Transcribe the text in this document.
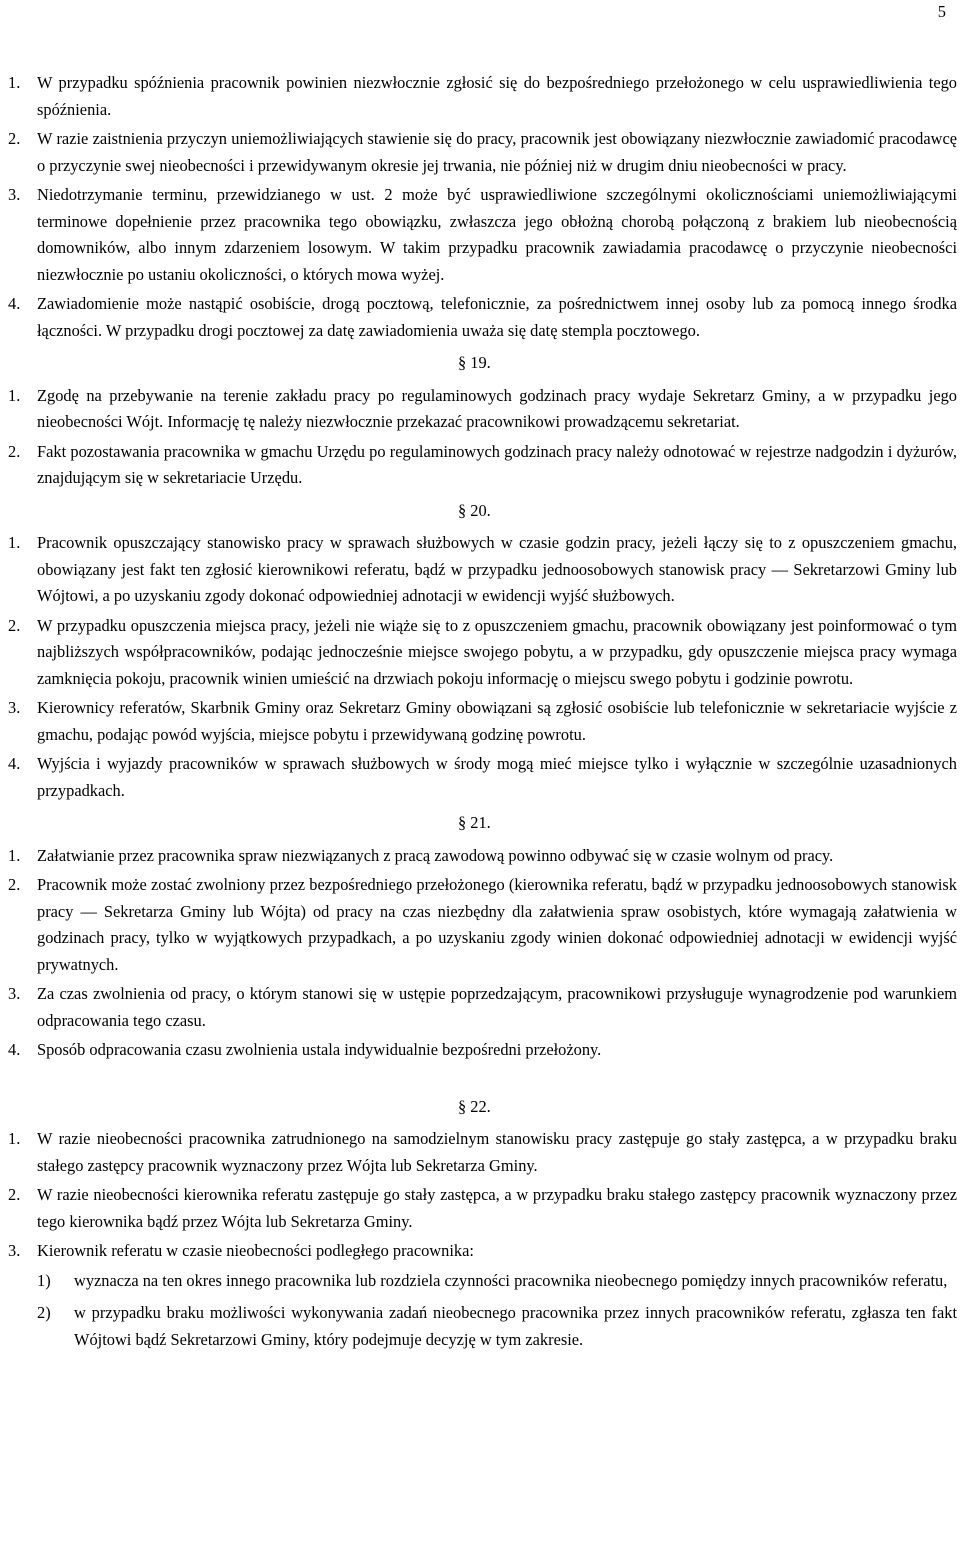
5
1.	W przypadku spóźnienia pracownik powinien niezwłocznie zgłosić się do bezpośredniego przełożonego w celu usprawiedliwienia tego spóźnienia.
2.	W razie zaistnienia przyczyn uniemożliwiających stawienie się do pracy, pracownik jest obowiązany niezwłocznie zawiadomić pracodawcę o przyczynie swej nieobecności i przewidywanym okresie jej trwania, nie później niż w drugim dniu nieobecności w pracy.
3.	Niedotrzymanie terminu, przewidzianego w ust. 2 może być usprawiedliwione szczególnymi okolicznościami uniemożliwiającymi terminowe dopełnienie przez pracownika tego obowiązku, zwłaszcza jego obłożną chorobą połączoną z brakiem lub nieobecnością domowników, albo innym zdarzeniem losowym. W takim przypadku pracownik zawiadamia pracodawcę o przyczynie nieobecności niezwłocznie po ustaniu okoliczności, o których mowa wyżej.
4.	Zawiadomienie może nastąpić osobiście, drogą pocztową, telefonicznie, za pośrednictwem innej osoby lub za pomocą innego środka łączności. W przypadku drogi pocztowej za datę zawiadomienia uważa się datę stempla pocztowego.
§ 19.
1.	Zgodę na przebywanie na terenie zakładu pracy po regulaminowych godzinach pracy wydaje Sekretarz Gminy, a w przypadku jego nieobecności Wójt. Informację tę należy niezwłocznie przekazać pracownikowi prowadzącemu sekretariat.
2.	Fakt pozostawania pracownika w gmachu Urzędu po regulaminowych godzinach pracy należy odnotować w rejestrze nadgodzin i dyżurów, znajdującym się w sekretariacie Urzędu.
§ 20.
1.	Pracownik opuszczający stanowisko pracy w sprawach służbowych w czasie godzin pracy, jeżeli łączy się to z opuszczeniem gmachu, obowiązany jest fakt ten zgłosić kierownikowi referatu, bądź w przypadku jednoosobowych stanowisk pracy — Sekretarzowi Gminy lub Wójtowi, a po uzyskaniu zgody dokonać odpowiedniej adnotacji w ewidencji wyjść służbowych.
2.	W przypadku opuszczenia miejsca pracy, jeżeli nie wiąże się to z opuszczeniem gmachu, pracownik obowiązany jest poinformować o tym najbliższych współpracowników, podając jednocześnie miejsce swojego pobytu, a w przypadku, gdy opuszczenie miejsca pracy wymaga zamknięcia pokoju, pracownik winien umieścić na drzwiach pokoju informację o miejscu swego pobytu i godzinie powrotu.
3.	Kierownicy referatów, Skarbnik Gminy oraz Sekretarz Gminy obowiązani są zgłosić osobiście lub telefonicznie w sekretariacie wyjście z gmachu, podając powód wyjścia, miejsce pobytu i przewidywaną godzinę powrotu.
4.	Wyjścia i wyjazdy pracowników w sprawach służbowych w środy mogą mieć miejsce tylko i wyłącznie w szczególnie uzasadnionych przypadkach.
§ 21.
1.	Załatwianie przez pracownika spraw niezwiązanych z pracą zawodową powinno odbywać się w czasie wolnym od pracy.
2.	Pracownik może zostać zwolniony przez bezpośredniego przełożonego (kierownika referatu, bądź w przypadku jednoosobowych stanowisk pracy — Sekretarza Gminy lub Wójta) od pracy na czas niezbędny dla załatwienia spraw osobistych, które wymagają załatwienia w godzinach pracy, tylko w wyjątkowych przypadkach, a po uzyskaniu zgody winien dokonać odpowiedniej adnotacji w ewidencji wyjść prywatnych.
3.	Za czas zwolnienia od pracy, o którym stanowi się w ustępie poprzedzającym, pracownikowi przysługuje wynagrodzenie pod warunkiem odpracowania tego czasu.
4.	Sposób odpracowania czasu zwolnienia ustala indywidualnie bezpośredni przełożony.
§ 22.
1.	W razie nieobecności pracownika zatrudnionego na samodzielnym stanowisku pracy zastępuje go stały zastępca, a w przypadku braku stałego zastępcy pracownik wyznaczony przez Wójta lub Sekretarza Gminy.
2.	W razie nieobecności kierownika referatu zastępuje go stały zastępca, a w przypadku braku stałego zastępcy pracownik wyznaczony przez tego kierownika bądź przez Wójta lub Sekretarza Gminy.
3.	Kierownik referatu w czasie nieobecności podległego pracownika:
1)	wyznacza na ten okres innego pracownika lub rozdziela czynności pracownika nieobecnego pomiędzy innych pracowników referatu,
2)	w przypadku braku możliwości wykonywania zadań nieobecnego pracownika przez innych pracowników referatu, zgłasza ten fakt Wójtowi bądź Sekretarzowi Gminy, który podejmuje decyzję w tym zakresie.
